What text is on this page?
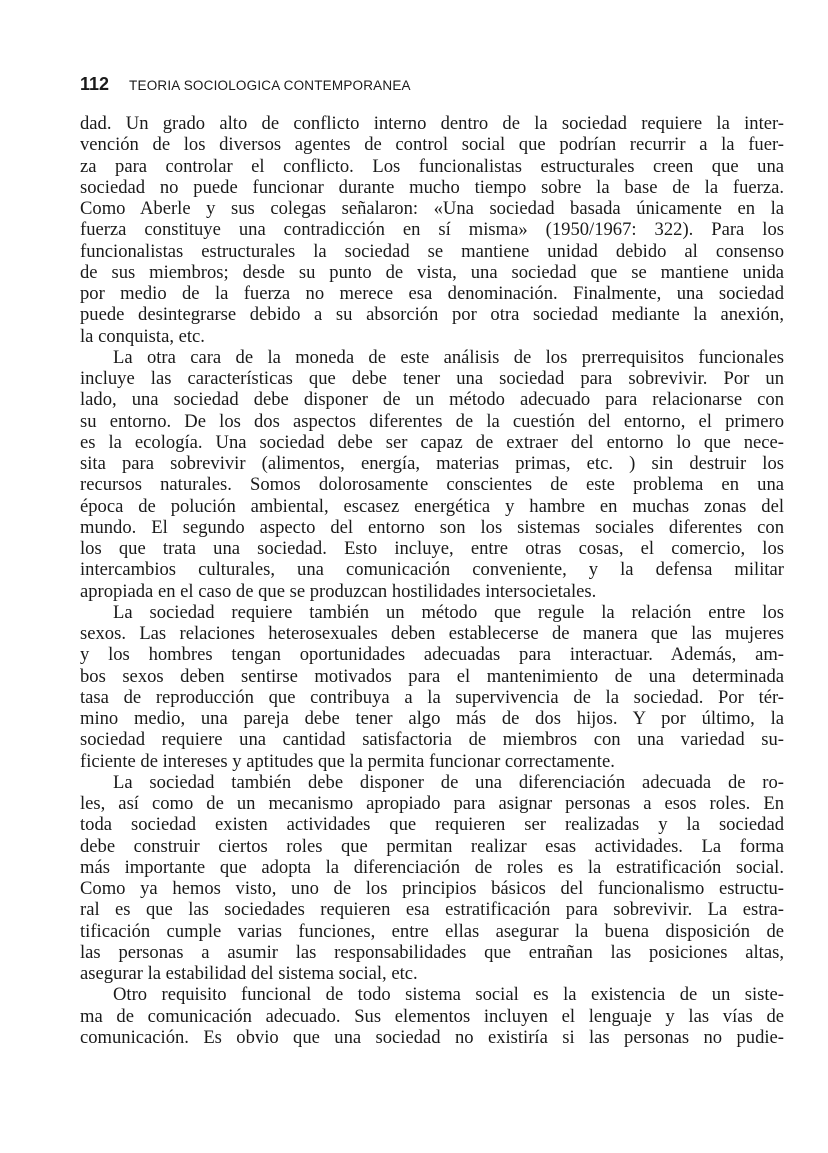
112 TEORIA SOCIOLOGICA CONTEMPORANEA
dad. Un grado alto de conflicto interno dentro de la sociedad requiere la inter-
vención de los diversos agentes de control social que podrían recurrir a la fuer-
za para controlar el conflicto. Los funcionalistas estructurales creen que una
sociedad no puede funcionar durante mucho tiempo sobre la base de la fuerza.
Como Aberle y sus colegas señalaron: «Una sociedad basada únicamente en la
fuerza constituye una contradicción en sí misma» (1950/1967: 322). Para los
funcionalistas estructurales la sociedad se mantiene unidad debido al consenso
de sus miembros; desde su punto de vista, una sociedad que se mantiene unida
por medio de la fuerza no merece esa denominación. Finalmente, una sociedad
puede desintegrarse debido a su absorción por otra sociedad mediante la anexión,
la conquista, etc.
La otra cara de la moneda de este análisis de los prerrequisitos funcionales
incluye las características que debe tener una sociedad para sobrevivir. Por un
lado, una sociedad debe disponer de un método adecuado para relacionarse con
su entorno. De los dos aspectos diferentes de la cuestión del entorno, el primero
es la ecología. Una sociedad debe ser capaz de extraer del entorno lo que nece-
sita para sobrevivir (alimentos, energía, materias primas, etc. ) sin destruir los
recursos naturales. Somos dolorosamente conscientes de este problema en una
época de polución ambiental, escasez energética y hambre en muchas zonas del
mundo. El segundo aspecto del entorno son los sistemas sociales diferentes con
los que trata una sociedad. Esto incluye, entre otras cosas, el comercio, los
intercambios culturales, una comunicación conveniente, y la defensa militar
apropiada en el caso de que se produzcan hostilidades intersocietales.
La sociedad requiere también un método que regule la relación entre los
sexos. Las relaciones heterosexuales deben establecerse de manera que las mujeres
y los hombres tengan oportunidades adecuadas para interactuar. Además, am-
bos sexos deben sentirse motivados para el mantenimiento de una determinada
tasa de reproducción que contribuya a la supervivencia de la sociedad. Por tér-
mino medio, una pareja debe tener algo más de dos hijos. Y por último, la
sociedad requiere una cantidad satisfactoria de miembros con una variedad su-
ficiente de intereses y aptitudes que la permita funcionar correctamente.
La sociedad también debe disponer de una diferenciación adecuada de ro-
les, así como de un mecanismo apropiado para asignar personas a esos roles. En
toda sociedad existen actividades que requieren ser realizadas y la sociedad
debe construir ciertos roles que permitan realizar esas actividades. La forma
más importante que adopta la diferenciación de roles es la estratificación social.
Como ya hemos visto, uno de los principios básicos del funcionalismo estructu-
ral es que las sociedades requieren esa estratificación para sobrevivir. La estra-
tificación cumple varias funciones, entre ellas asegurar la buena disposición de
las personas a asumir las responsabilidades que entrañan las posiciones altas,
asegurar la estabilidad del sistema social, etc.
Otro requisito funcional de todo sistema social es la existencia de un siste-
ma de comunicación adecuado. Sus elementos incluyen el lenguaje y las vías de
comunicación. Es obvio que una sociedad no existiría si las personas no pudie-
